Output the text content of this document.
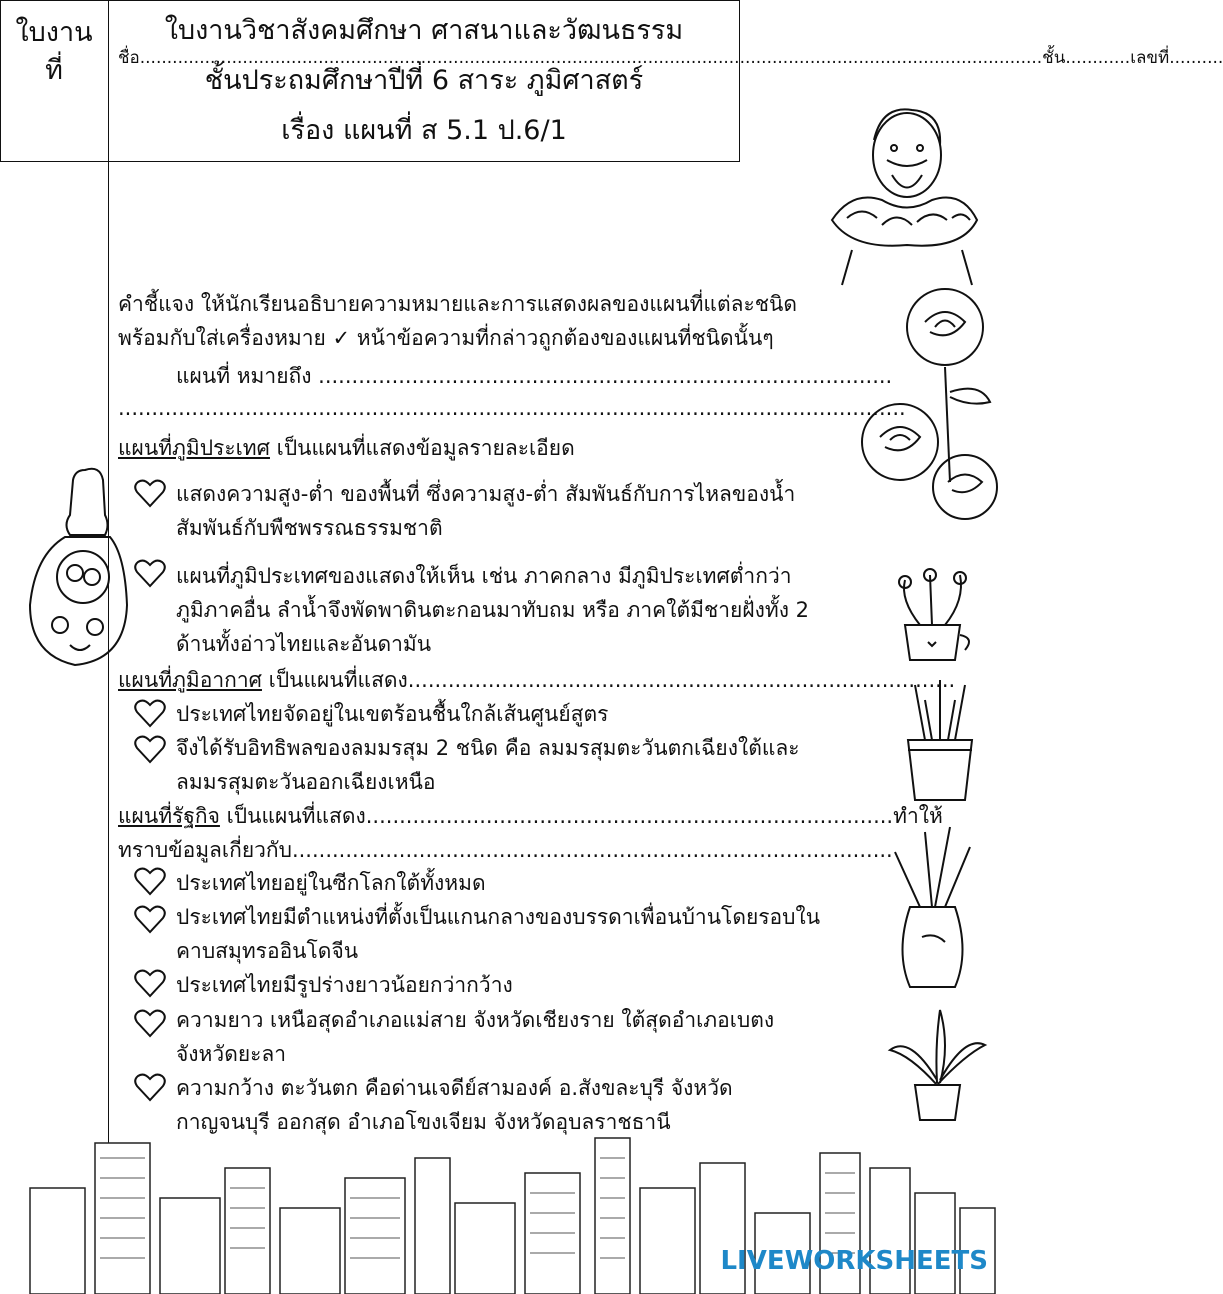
ชื่อ.......................................................................................................................................................................ชั้น............เลขที่..........
ใบงาน
ที่
ใบงานวิชาสังคมศึกษา ศาสนาและวัฒนธรรม
ชั้นประถมศึกษาปีที่ 6 สาระ ภูมิศาสตร์
เรื่อง แผนที่ ส 5.1 ป.6/1
คำชี้แจง ให้นักเรียนอธิบายความหมายและการแสดงผลของแผนที่แต่ละชนิด
พร้อมกับใส่เครื่องหมาย ✓ หน้าข้อความที่กล่าวถูกต้องของแผนที่ชนิดนั้นๆ
แผนที่ หมายถึง ......................................................................................
......................................................................................................................
แผนที่ภูมิประเทศ เป็นแผนที่แสดงข้อมูลรายละเอียด
แสดงความสูง-ต่ำ ของพื้นที่ ซึ่งความสูง-ต่ำ สัมพันธ์กับการไหลของน้ำ
สัมพันธ์กับพืชพรรณธรรมชาติ
แผนที่ภูมิประเทศของแสดงให้เห็น เช่น ภาคกลาง มีภูมิประเทศต่ำกว่า
ภูมิภาคอื่น ลำน้ำจึงพัดพาดินตะกอนมาทับถม หรือ ภาคใต้มีชายฝั่งทั้ง 2
ด้านทั้งอ่าวไทยและอันดามัน
แผนที่ภูมิอากาศ เป็นแผนที่แสดง..................................................................................
ประเทศไทยจัดอยู่ในเขตร้อนชื้นใกล้เส้นศูนย์สูตร
จึงได้รับอิทธิพลของลมมรสุม 2 ชนิด คือ ลมมรสุมตะวันตกเฉียงใต้และ
ลมมรสุมตะวันออกเฉียงเหนือ
แผนที่รัฐกิจ เป็นแผนที่แสดง...............................................................................ทำให้
ทราบข้อมูลเกี่ยวกับ..........................................................................................
ประเทศไทยอยู่ในซีกโลกใต้ทั้งหมด
ประเทศไทยมีตำแหน่งที่ตั้งเป็นแกนกลางของบรรดาเพื่อนบ้านโดยรอบใน
คาบสมุทรออินโดจีน
ประเทศไทยมีรูปร่างยาวน้อยกว่ากว้าง
ความยาว เหนือสุดอำเภอแม่สาย จังหวัดเชียงราย ใต้สุดอำเภอเบตง
จังหวัดยะลา
ความกว้าง ตะวันตก คือด่านเจดีย์สามองค์ อ.สังขละบุรี จังหวัด
กาญจนบุรี ออกสุด อำเภอโขงเจียม จังหวัดอุบลราชธานี
LIVEWORKSHEETS
